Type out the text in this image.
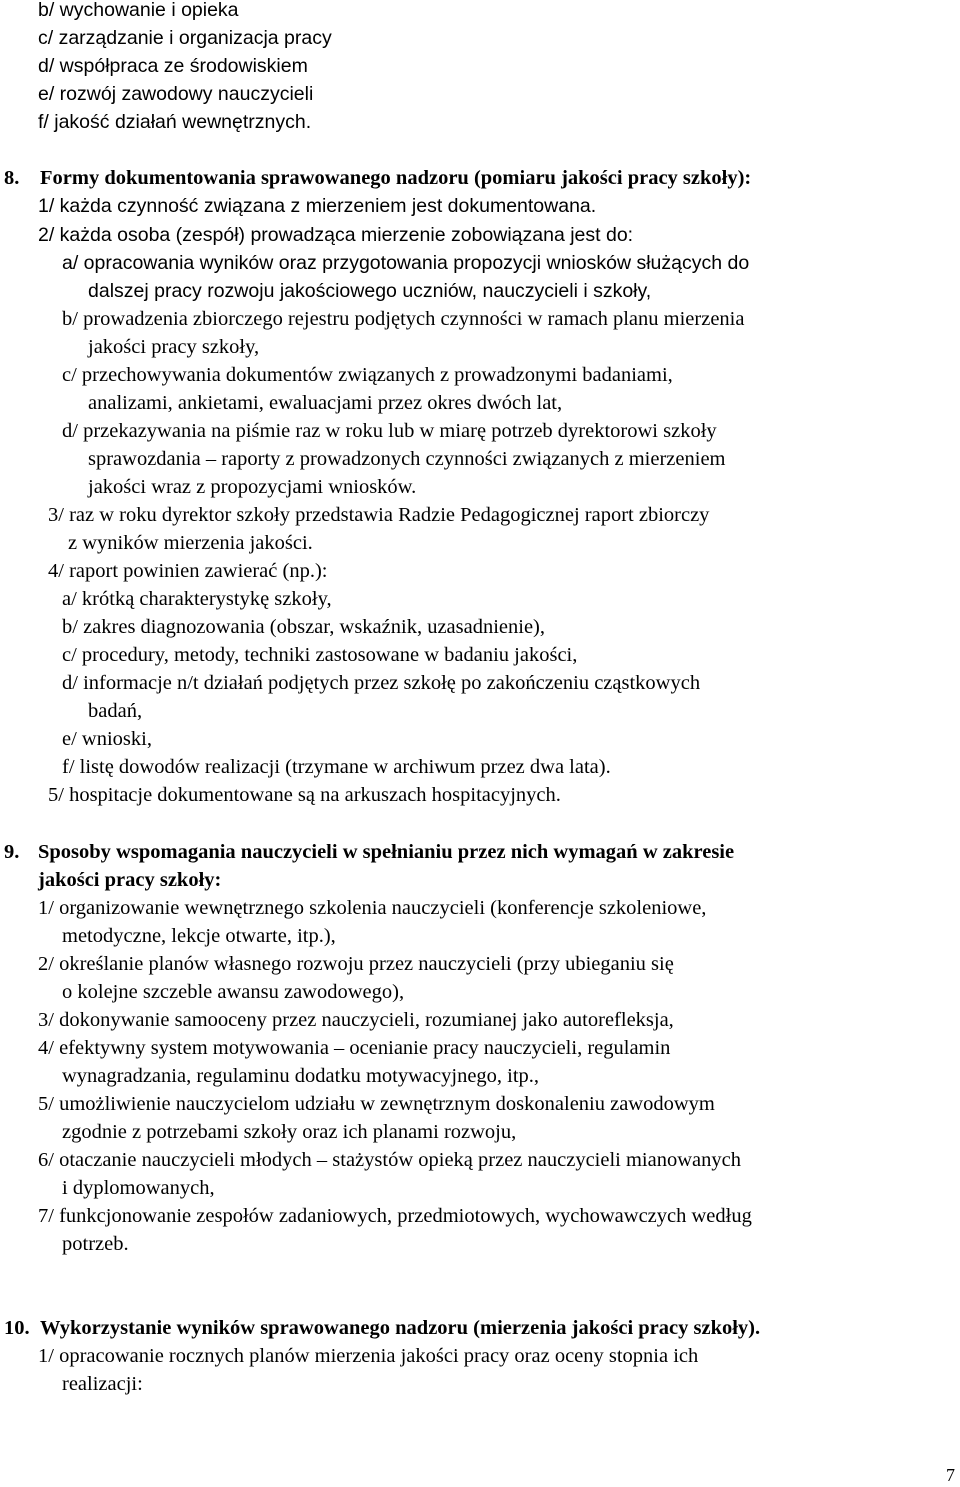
b/ wychowanie i opieka
c/ zarządzanie i organizacja pracy
d/ współpraca ze środowiskiem
e/ rozwój zawodowy nauczycieli
f/ jakość działań wewnętrznych.
8. Formy dokumentowania sprawowanego nadzoru (pomiaru jakości pracy szkoły):
1/ każda czynność związana z mierzeniem jest dokumentowana.
2/ każda osoba (zespół) prowadząca mierzenie zobowiązana jest do:
a/ opracowania wyników oraz przygotowania propozycji wniosków służących do
dalszej pracy rozwoju jakościowego uczniów, nauczycieli i szkoły,
b/ prowadzenia zbiorczego rejestru podjętych czynności w ramach planu mierzenia
jakości pracy szkoły,
c/ przechowywania dokumentów związanych z prowadzonymi badaniami,
analizami, ankietami, ewaluacjami przez okres dwóch lat,
d/ przekazywania na piśmie raz w roku lub w miarę potrzeb dyrektorowi szkoły
sprawozdania – raporty z prowadzonych czynności związanych z mierzeniem
jakości wraz z propozycjami wniosków.
3/ raz w roku dyrektor szkoły przedstawia Radzie Pedagogicznej raport zbiorczy
z wyników mierzenia jakości.
4/ raport powinien zawierać (np.):
a/ krótką charakterystykę szkoły,
b/ zakres diagnozowania (obszar, wskaźnik, uzasadnienie),
c/ procedury, metody, techniki zastosowane w badaniu jakości,
d/ informacje n/t działań podjętych przez szkołę po zakończeniu cząstkowych
badań,
e/ wnioski,
f/ listę dowodów realizacji (trzymane w archiwum przez dwa lata).
5/ hospitacje dokumentowane są na arkuszach hospitacyjnych.
9. Sposoby wspomagania nauczycieli w spełnianiu przez nich wymagań w zakresie
jakości pracy szkoły:
1/ organizowanie wewnętrznego szkolenia nauczycieli (konferencje szkoleniowe,
metodyczne, lekcje otwarte, itp.),
2/ określanie planów własnego rozwoju przez nauczycieli (przy ubieganiu się
o kolejne szczeble awansu zawodowego),
3/ dokonywanie samooceny przez nauczycieli, rozumianej jako autorefleksja,
4/ efektywny system motywowania – ocenianie pracy nauczycieli, regulamin
wynagradzania, regulaminu dodatku motywacyjnego, itp.,
5/ umożliwienie nauczycielom udziału w zewnętrznym doskonaleniu zawodowym
zgodnie z potrzebami szkoły oraz ich planami rozwoju,
6/ otaczanie nauczycieli młodych – stażystów opieką przez nauczycieli mianowanych
i dyplomowanych,
7/ funkcjonowanie zespołów zadaniowych, przedmiotowych, wychowawczych według
potrzeb.
10. Wykorzystanie wyników sprawowanego nadzoru (mierzenia jakości pracy szkoły).
1/ opracowanie rocznych planów mierzenia jakości pracy oraz oceny stopnia ich
realizacji:
7
